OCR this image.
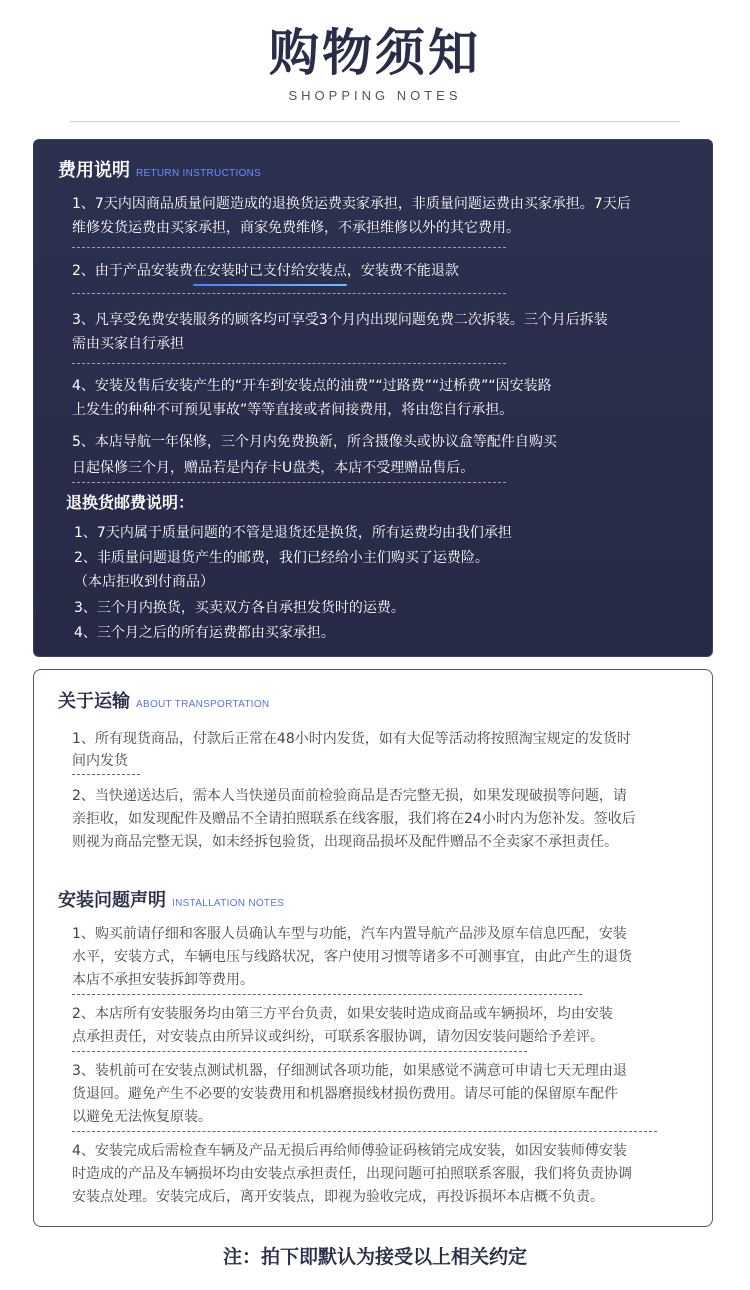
购物须知
SHOPPING NOTES
费用说明 RETURN INSTRUCTIONS
1、7天内因商品质量问题造成的退换货运费卖家承担，非质量问题运费由买家承担。7天后
维修发货运费由买家承担，商家免费维修，不承担维修以外的其它费用。
2、由于产品安装费在安装时已支付给安装点，安装费不能退款
3、凡享受免费安装服务的顾客均可享受3个月内出现问题免费二次拆装。三个月后拆装
需由买家自行承担
4、安装及售后安装产生的“开车到安装点的油费”“过路费”“过桥费”“因安装路
上发生的种种不可预见事故”等等直接或者间接费用，将由您自行承担。
5、本店导航一年保修，三个月内免费换新，所含摄像头或协议盒等配件自购买
日起保修三个月，赠品若是内存卡U盘类，本店不受理赠品售后。
退换货邮费说明：
1、7天内属于质量问题的不管是退货还是换货，所有运费均由我们承担
2、非质量问题退货产生的邮费，我们已经给小主们购买了运费险。
（本店拒收到付商品）
3、三个月内换货，买卖双方各自承担发货时的运费。
4、三个月之后的所有运费都由买家承担。
关于运输 ABOUT TRANSPORTATION
1、所有现货商品，付款后正常在48小时内发货，如有大促等活动将按照淘宝规定的发货时
间内发货
2、当快递送达后，需本人当快递员面前检验商品是否完整无损，如果发现破损等问题，请
亲拒收，如发现配件及赠品不全请拍照联系在线客服，我们将在24小时内为您补发。签收后
则视为商品完整无误，如未经拆包验货，出现商品损坏及配件赠品不全卖家不承担责任。
安装问题声明 INSTALLATION NOTES
1、购买前请仔细和客服人员确认车型与功能，汽车内置导航产品涉及原车信息匹配，安装
水平，安装方式，车辆电压与线路状况，客户使用习惯等诸多不可测事宜，由此产生的退货
本店不承担安装拆卸等费用。
2、本店所有安装服务均由第三方平台负责，如果安装时造成商品或车辆损坏，均由安装
点承担责任，对安装点由所异议或纠纷，可联系客服协调，请勿因安装问题给予差评。
3、装机前可在安装点测试机器，仔细测试各项功能，如果感觉不满意可申请七天无理由退
货退回。避免产生不必要的安装费用和机器磨损线材损伤费用。请尽可能的保留原车配件
以避免无法恢复原装。
4、安装完成后需检查车辆及产品无损后再给师傅验证码核销完成安装，如因安装师傅安装
时造成的产品及车辆损坏均由安装点承担责任，出现问题可拍照联系客服，我们将负责协调
安装点处理。安装完成后，离开安装点，即视为验收完成，再投诉损坏本店概不负责。
注：拍下即默认为接受以上相关约定
